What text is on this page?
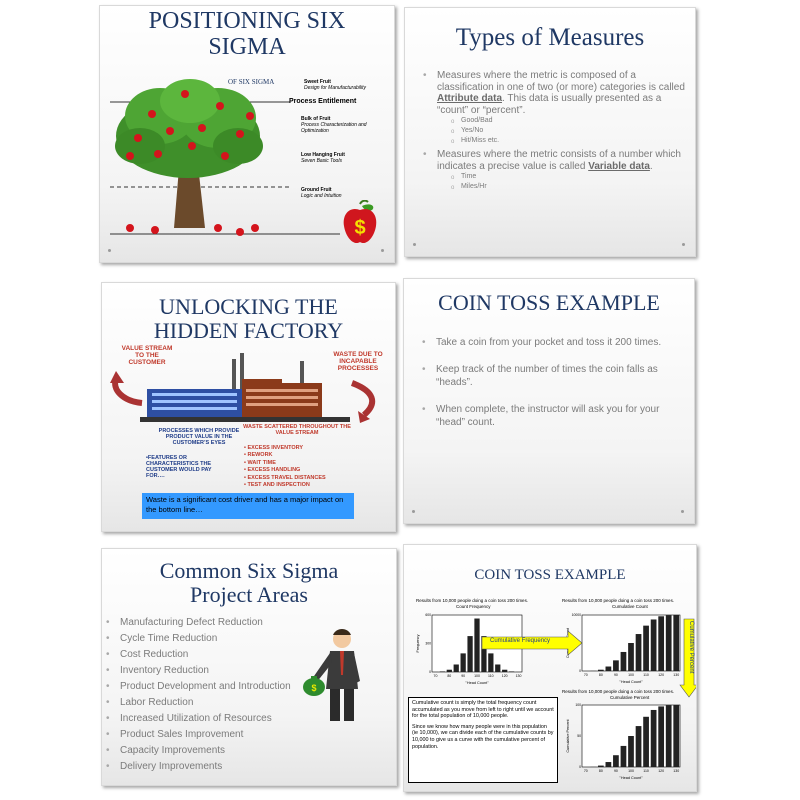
POSITIONING SIX
SIGMA
OF SIX SIGMA	Sweet Fruit
Design for Manufacturability
Process Entitlement
Bulk of Fruit
Process Characterization and Optimization
Low Hanging Fruit
Seven Basic Tools
Ground Fruit
Logic and Intuition
$
Types of Measures
• Measures where the metric is composed of a classification in one of two (or more) categories is called Attribute data. This data is usually presented as a “count” or “percent”.
o Good/Bad
o Yes/No
o Hit/Miss etc.
• Measures where the metric consists of a number which indicates a precise value is called Variable data.
o Time
o Miles/Hr
UNLOCKING THE
HIDDEN FACTORY
VALUE STREAM TO THE CUSTOMER
WASTE DUE TO INCAPABLE PROCESSES
PROCESSES WHICH PROVIDE PRODUCT VALUE IN THE CUSTOMER’S EYES
•FEATURES OR CHARACTERISTICS THE CUSTOMER WOULD PAY FOR….
WASTE SCATTERED THROUGHOUT THE VALUE STREAM
• EXCESS INVENTORY
• REWORK
• WAIT TIME
• EXCESS HANDLING
• EXCESS TRAVEL DISTANCES
• TEST AND INSPECTION
Waste is a significant cost driver and has a major impact on the bottom line…
COIN TOSS EXAMPLE
• Take a coin from your pocket and toss it 200 times.
• Keep track of the number of times the coin falls as “heads”.
• When complete, the instructor will ask you for your “head” count.
Common Six Sigma
Project Areas
• Manufacturing Defect Reduction
• Cycle Time Reduction
• Cost Reduction
• Inventory Reduction
• Product Development and Introduction
• Labor Reduction
• Increased Utilization of Resources
• Product Sales Improvement
• Capacity Improvements
• Delivery Improvements
$
COIN TOSS EXAMPLE
Results from 10,000 people doing a coin toss 200 times.
Count Frequency
Results from 10,000 people doing a coin toss 200 times.
Cumulative Count
Results from 10,000 people doing a coin toss 200 times.
Cumulative Percent
70	80	90	100 110 120 130
"Head Count"
Frequency
0
300
600
70	80	90	100	110	120	130
"Head Count"
0
10000
70	80	90	100	110	120	130
"Head Count"
Cumulative Percent
0
50
100
Cumulative Frequency	Cumulative Percent
Cumulative count is simply the total frequency count accumulated as you move from left to right until we account for the total population of 10,000 people.
Since we know how many people were in this population (ie 10,000), we can divide each of the cumulative counts by 10,000 to give us a curve with the cumulative percent of population.
